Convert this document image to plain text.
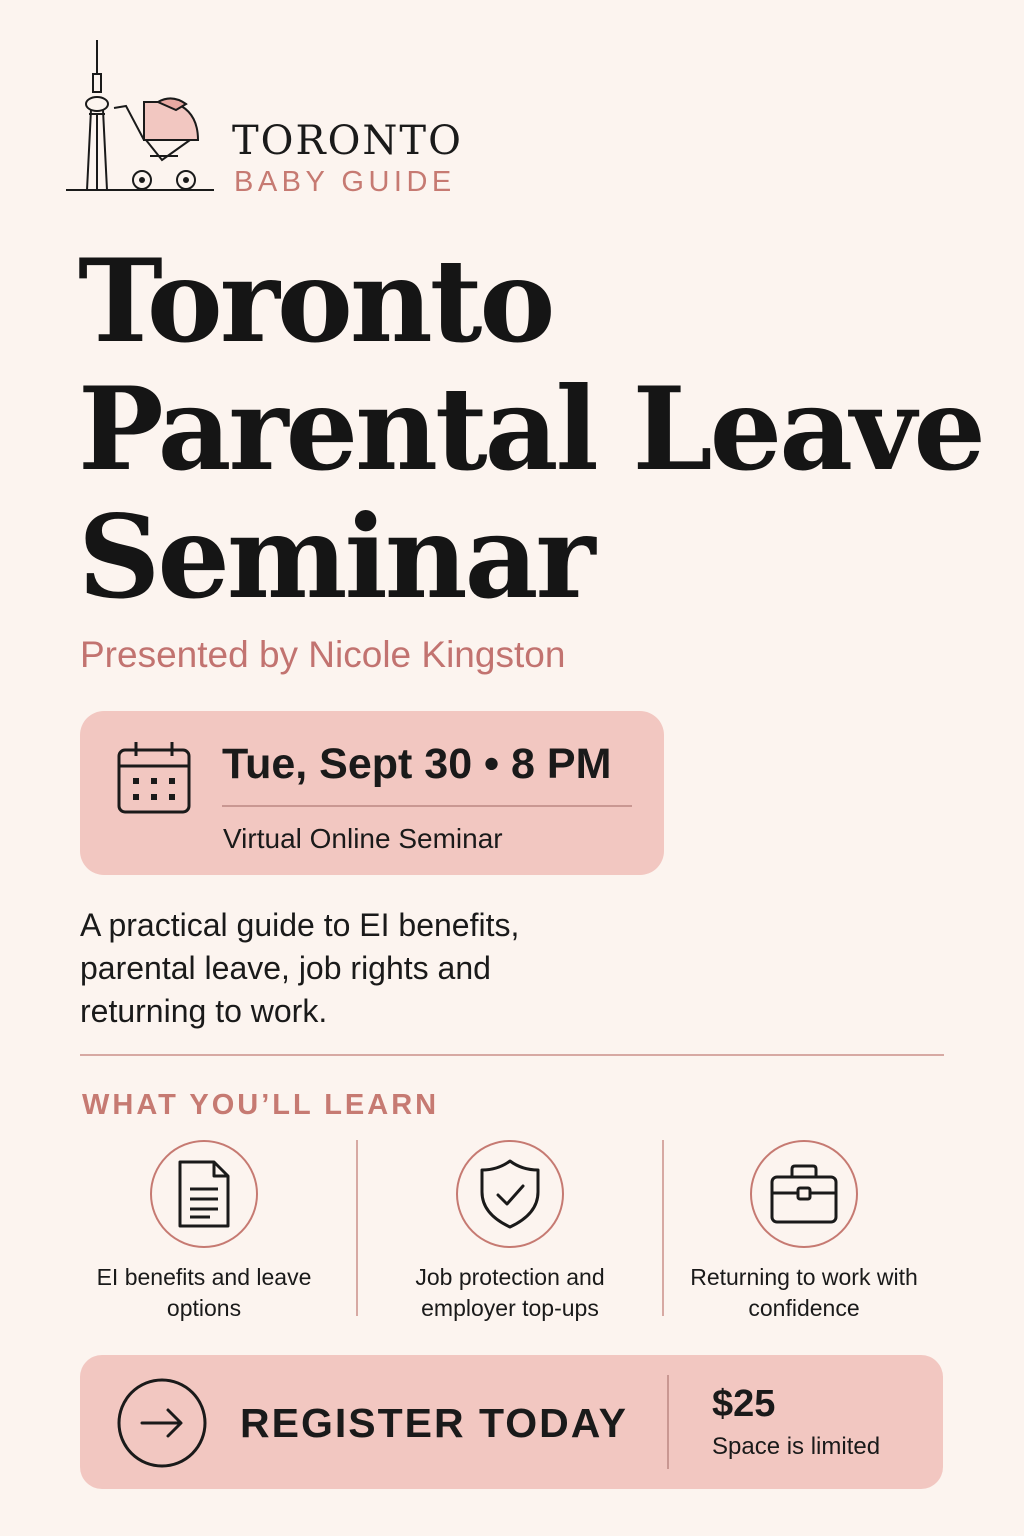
TORONTO
BABY GUIDE
Toronto
Parental Leave
Seminar
Presented by Nicole Kingston
Tue, Sept 30 • 8 PM
Virtual Online Seminar
A practical guide to EI benefits, parental leave, job rights and returning to work.
WHAT YOU’LL LEARN
EI benefits and leave options
Job protection and employer top-ups
Returning to work with confidence
REGISTER TODAY $25
Space is limited
